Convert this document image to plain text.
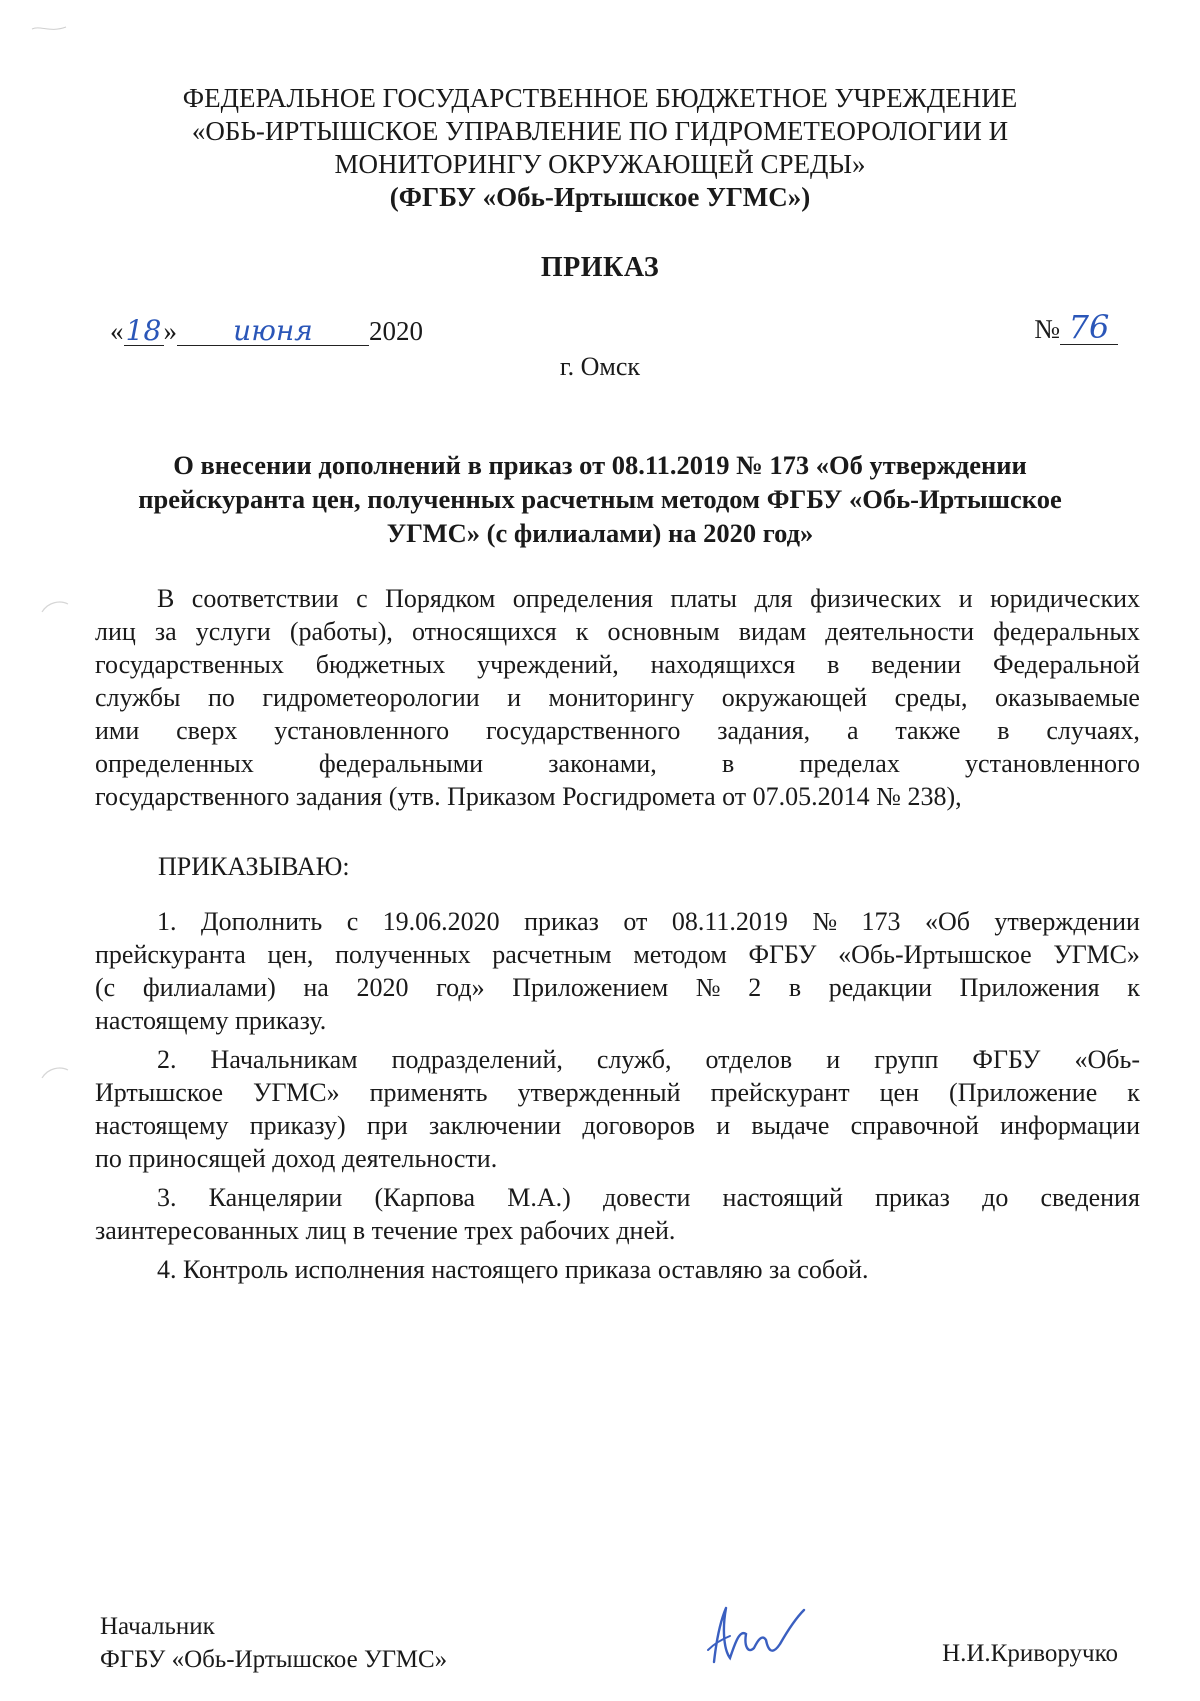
ФЕДЕРАЛЬНОЕ ГОСУДАРСТВЕННОЕ БЮДЖЕТНОЕ УЧРЕЖДЕНИЕ
«ОБЬ-ИРТЫШСКОЕ УПРАВЛЕНИЕ ПО ГИДРОМЕТЕОРОЛОГИИ И
МОНИТОРИНГУ ОКРУЖАЮЩЕЙ СРЕДЫ»
(ФГБУ «Обь-Иртышское УГМС»)
ПРИКАЗ
«18» июня 2020	№ 76
г. Омск
О внесении дополнений в приказ от 08.11.2019 № 173 «Об утверждении
прейскуранта цен, полученных расчетным методом ФГБУ «Обь-Иртышское
УГМС» (с филиалами) на 2020 год»
В соответствии с Порядком определения платы для физических и юридических
лиц за услуги (работы), относящихся к основным видам деятельности федеральных
государственных бюджетных учреждений, находящихся в ведении Федеральной
службы по гидрометеорологии и мониторингу окружающей среды, оказываемые
ими сверх установленного государственного задания, а также в случаях,
определенных	федеральными	законами,	в	пределах	установленного
государственного задания (утв. Приказом Росгидромета от 07.05.2014 № 238),
ПРИКАЗЫВАЮ:
1. Дополнить с 19.06.2020 приказ от 08.11.2019 № 173 «Об утверждении
прейскуранта цен, полученных расчетным методом ФГБУ «Обь-Иртышское УГМС»
(с филиалами) на 2020 год» Приложением № 2 в редакции Приложения к
настоящему приказу.
2. Начальникам подразделений, служб, отделов и групп ФГБУ «Обь-
Иртышское УГМС» применять утвержденный прейскурант цен (Приложение к
настоящему приказу) при заключении договоров и выдаче справочной информации
по приносящей доход деятельности.
3. Канцелярии (Карпова М.А.) довести настоящий приказ до сведения
заинтересованных лиц в течение трех рабочих дней.
4. Контроль исполнения настоящего приказа оставляю за собой.
Начальник
ФГБУ «Обь-Иртышское УГМС»	Н.И.Криворучко
